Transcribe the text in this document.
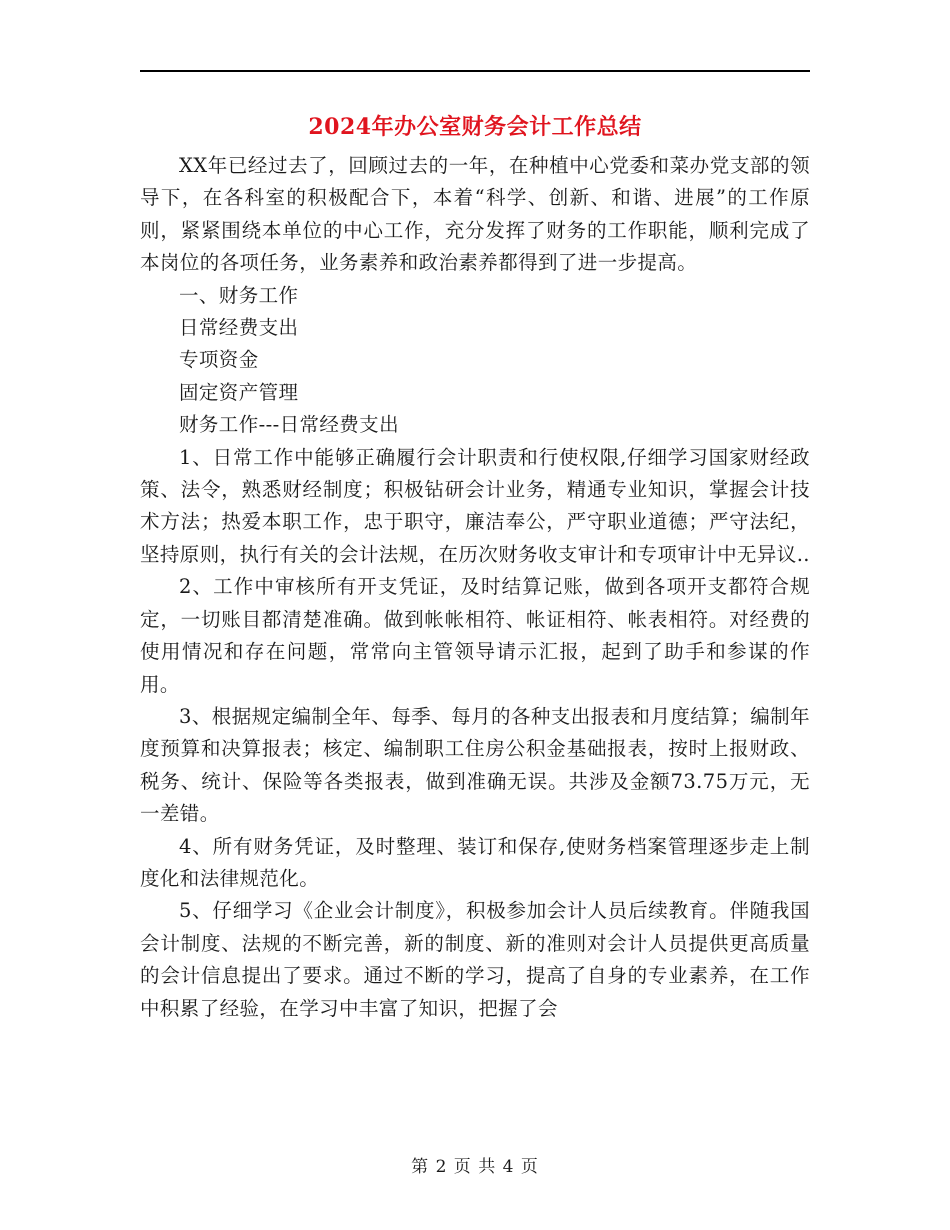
2024年办公室财务会计工作总结

XX年已经过去了，回顾过去的一年，在种植中心党委和菜办党支部的领导下，在各科室的积极配合下，本着“科学、创新、和谐、进展”的工作原则，紧紧围绕本单位的中心工作，充分发挥了财务的工作职能，顺利完成了本岗位的各项任务，业务素养和政治素养都得到了进一步提高。

一、财务工作

日常经费支出

专项资金

固定资产管理

财务工作---日常经费支出

1、日常工作中能够正确履行会计职责和行使权限,仔细学习国家财经政策、法令，熟悉财经制度；积极钻研会计业务，精通专业知识，掌握会计技术方法；热爱本职工作，忠于职守，廉洁奉公，严守职业道德；严守法纪，坚持原则，执行有关的会计法规，在历次财务收支审计和专项审计中无异议..

2、工作中审核所有开支凭证，及时结算记账，做到各项开支都符合规定，一切账目都清楚准确。做到帐帐相符、帐证相符、帐表相符。对经费的使用情况和存在问题，常常向主管领导请示汇报，起到了助手和参谋的作用。

3、根据规定编制全年、每季、每月的各种支出报表和月度结算；编制年度预算和决算报表；核定、编制职工住房公积金基础报表，按时上报财政、税务、统计、保险等各类报表，做到准确无误。共涉及金额73.75万元，无一差错。

4、所有财务凭证，及时整理、装订和保存,使财务档案管理逐步走上制度化和法律规范化。

5、仔细学习《企业会计制度》，积极参加会计人员后续教育。伴随我国会计制度、法规的不断完善，新的制度、新的准则对会计人员提供更高质量的会计信息提出了要求。通过不断的学习，提高了自身的专业素养，在工作中积累了经验，在学习中丰富了知识，把握了会

第 2 页 共 4 页
